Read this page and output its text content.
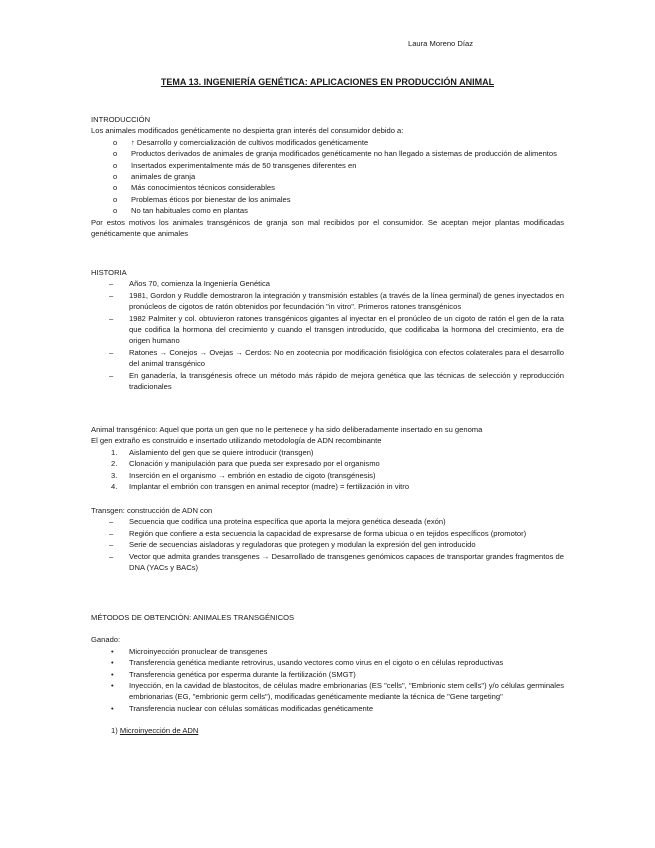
Laura Moreno Díaz
TEMA 13. INGENIERÍA GENÉTICA: APLICACIONES EN PRODUCCIÓN ANIMAL

INTRODUCCIÓN

Los animales modificados genéticamente no despierta gran interés del consumidor debido a:

o ↑ Desarrollo y comercialización de cultivos modificados genéticamente
o Productos derivados de animales de granja modificados genéticamente no han llegado a sistemas de producción de alimentos
o Insertados experimentalmente más de 50 transgenes diferentes en
o animales de granja
o Más conocimientos técnicos considerables
o Problemas éticos por bienestar de los animales
o No tan habituales como en plantas

Por estos motivos los animales transgénicos de granja son mal recibidos por el consumidor. Se aceptan mejor plantas modificadas genéticamente que animales

HISTORIA

– Años 70, comienza la Ingeniería Genética
– 1981, Gordon y Ruddle demostraron la integración y transmisión estables (a través de la línea germinal) de genes inyectados en pronúcleos de cigotos de ratón obtenidos por fecundación "in vitro". Primeros ratones transgénicos
– 1982 Palmiter y col. obtuvieron ratones transgénicos gigantes al inyectar en el pronúcleo de un cigoto de ratón el gen de la rata que codifica la hormona del crecimiento y cuando el transgen introducido, que codificaba la hormona del crecimiento, era de origen humano
– Ratones → Conejos → Ovejas → Cerdos: No en zootecnia por modificación fisiológica con efectos colaterales para el desarrollo del animal transgénico
– En ganadería, la transgénesis ofrece un método más rápido de mejora genética que las técnicas de selección y reproducción tradicionales

Animal transgénico: Aquel que porta un gen que no le pertenece y ha sido deliberadamente insertado en su genoma

El gen extraño es construido e insertado utilizando metodología de ADN recombinante

1. Aislamiento del gen que se quiere introducir (transgen)
2. Clonación y manipulación para que pueda ser expresado por el organismo
3. Inserción en el organismo → embrión en estadio de cigoto (transgénesis)
4. Implantar el embrión con transgen en animal receptor (madre) = fertilización in vitro

Transgen: construcción de ADN con

– Secuencia que codifica una proteína específica que aporta la mejora genética deseada (exón)
– Región que confiere a esta secuencia la capacidad de expresarse de forma ubicua o en tejidos específicos (promotor)
– Serie de secuencias aisladoras y reguladoras que protegen y modulan la expresión del gen introducido
– Vector que admita grandes transgenes → Desarrollado de transgenes genómicos capaces de transportar grandes fragmentos de DNA (YACs y BACs)

MÉTODOS DE OBTENCIÓN: ANIMALES TRANSGÉNICOS

Ganado:

• Microinyección pronuclear de transgenes
• Transferencia genética mediante retrovirus, usando vectores como virus en el cigoto o en células reproductivas
• Transferencia genética por esperma durante la fertilización (SMGT)
• Inyección, en la cavidad de blastocitos, de células madre embrionarias (ES "cells", "Embrionic stem cells") y/o células germinales embrionarias (EG, "embrionic germ cells"), modificadas genéticamente mediante la técnica de "Gene targeting"
• Transferencia nuclear con células somáticas modificadas genéticamente

1) Microinyección de ADN
